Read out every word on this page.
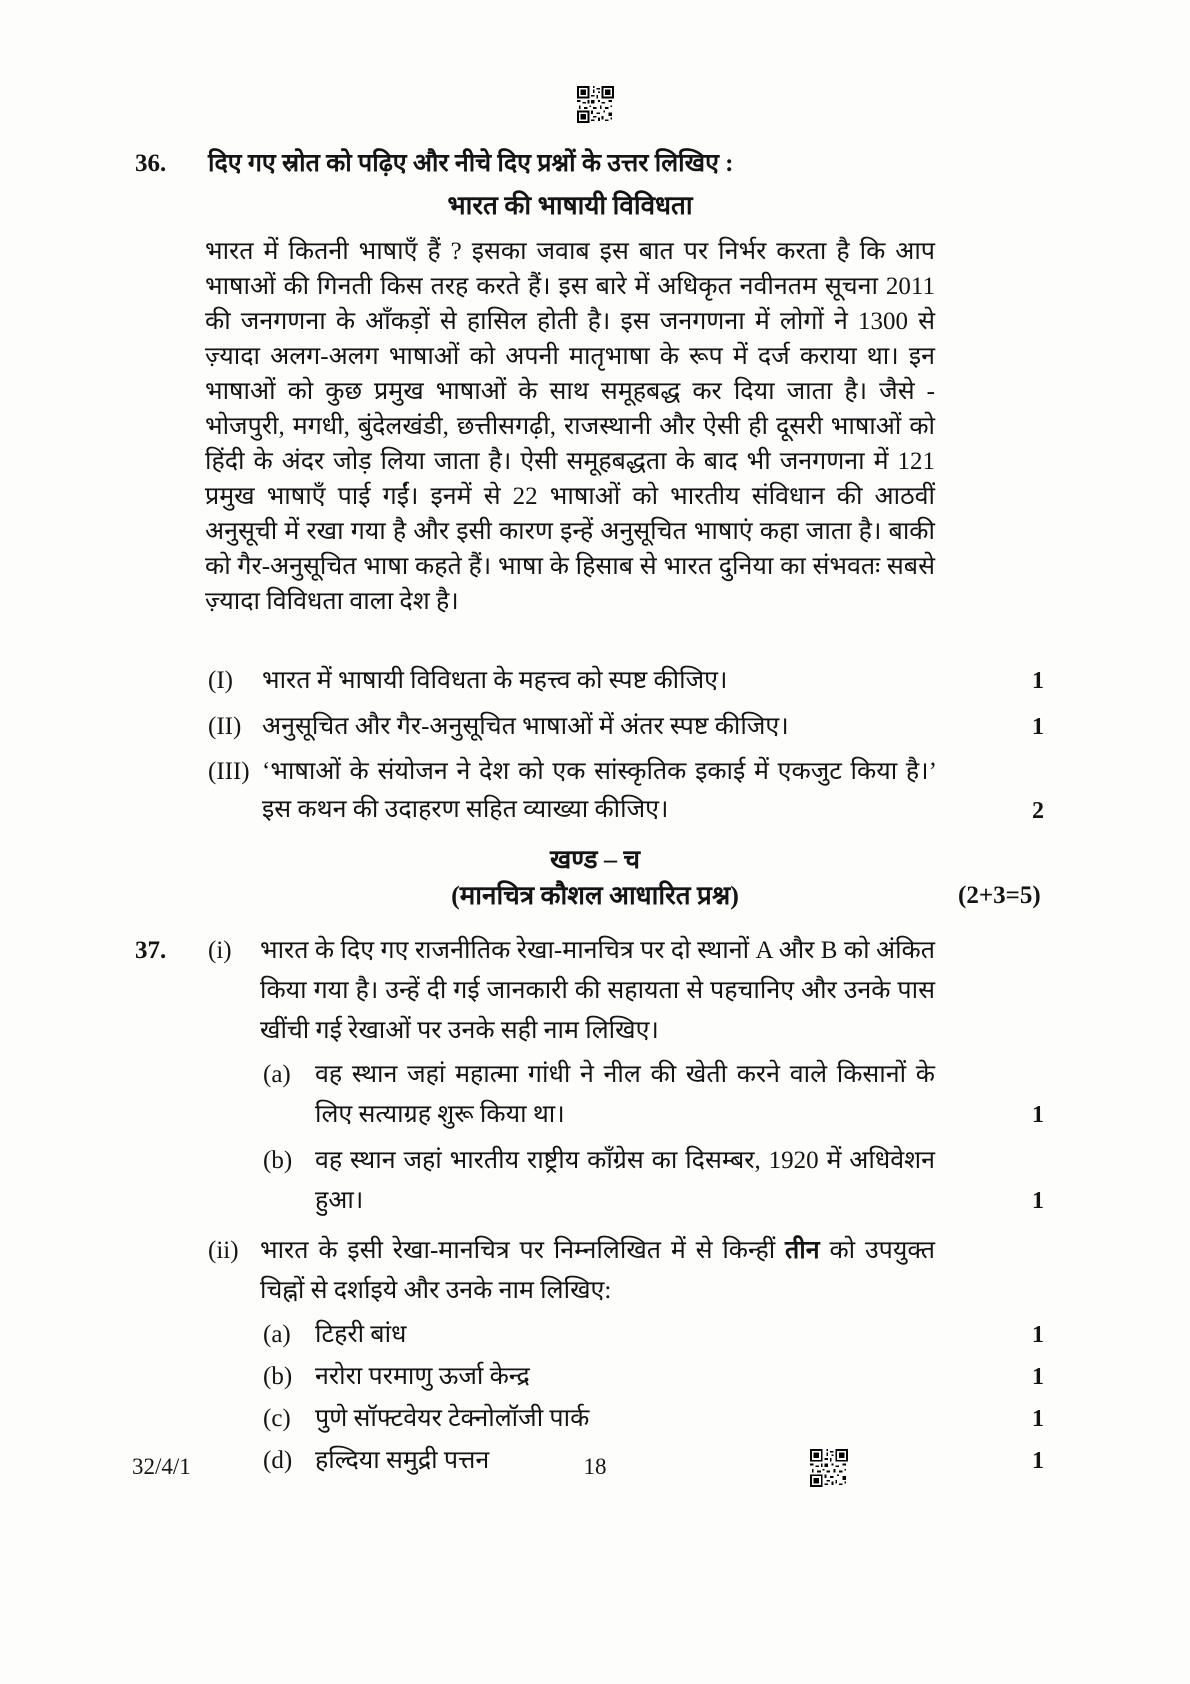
36.	दिए गए स्रोत को पढ़िए और नीचे दिए प्रश्नों के उत्तर लिखिए :
भारत की भाषायी विविधता
भारत में कितनी भाषाएँ हैं ? इसका जवाब इस बात पर निर्भर करता है कि आप भाषाओं की गिनती किस तरह करते हैं। इस बारे में अधिकृत नवीनतम सूचना 2011 की जनगणना के आँकड़ों से हासिल होती है। इस जनगणना में लोगों ने 1300 से ज़्यादा अलग-अलग भाषाओं को अपनी मातृभाषा के रूप में दर्ज कराया था। इन भाषाओं को कुछ प्रमुख भाषाओं के साथ समूहबद्ध कर दिया जाता है। जैसे - भोजपुरी, मगधी, बुंदेलखंडी, छत्तीसगढ़ी, राजस्थानी और ऐसी ही दूसरी भाषाओं को हिंदी के अंदर जोड़ लिया जाता है। ऐसी समूहबद्धता के बाद भी जनगणना में 121 प्रमुख भाषाएँ पाई गईं। इनमें से 22 भाषाओं को भारतीय संविधान की आठवीं अनुसूची में रखा गया है और इसी कारण इन्हें अनुसूचित भाषाएं कहा जाता है। बाकी को गैर-अनुसूचित भाषा कहते हैं। भाषा के हिसाब से भारत दुनिया का संभवतः सबसे ज़्यादा विविधता वाला देश है।
(I)	भारत में भाषायी विविधता के महत्त्व को स्पष्ट कीजिए।	1
(II) अनुसूचित और गैर-अनुसूचित भाषाओं में अंतर स्पष्ट कीजिए।	1
(III) ‘भाषाओं के संयोजन ने देश को एक सांस्कृतिक इकाई में एकजुट किया है।’ इस कथन की उदाहरण सहित व्याख्या कीजिए।	2
खण्ड – च
(मानचित्र कौशल आधारित प्रश्न)	(2+3=5)
37.	(i)	भारत के दिए गए राजनीतिक रेखा-मानचित्र पर दो स्थानों A और B को अंकित किया गया है। उन्हें दी गई जानकारी की सहायता से पहचानिए और उनके पास खींची गई रेखाओं पर उनके सही नाम लिखिए।
(a) वह स्थान जहां महात्मा गांधी ने नील की खेती करने वाले किसानों के लिए सत्याग्रह शुरू किया था।	1
(b) वह स्थान जहां भारतीय राष्ट्रीय काँग्रेस का दिसम्बर, 1920 में अधिवेशन हुआ।	1
(ii) भारत के इसी रेखा-मानचित्र पर निम्नलिखित में से किन्हीं तीन को उपयुक्त चिह्नों से दर्शाइये और उनके नाम लिखिए:
(a) टिहरी बांध	1
(b) नरोरा परमाणु ऊर्जा केन्द्र	1
(c) पुणे सॉफ्टवेयर टेक्नोलॉजी पार्क	1
(d) हल्दिया समुद्री पत्तन	1
32/4/1	18
